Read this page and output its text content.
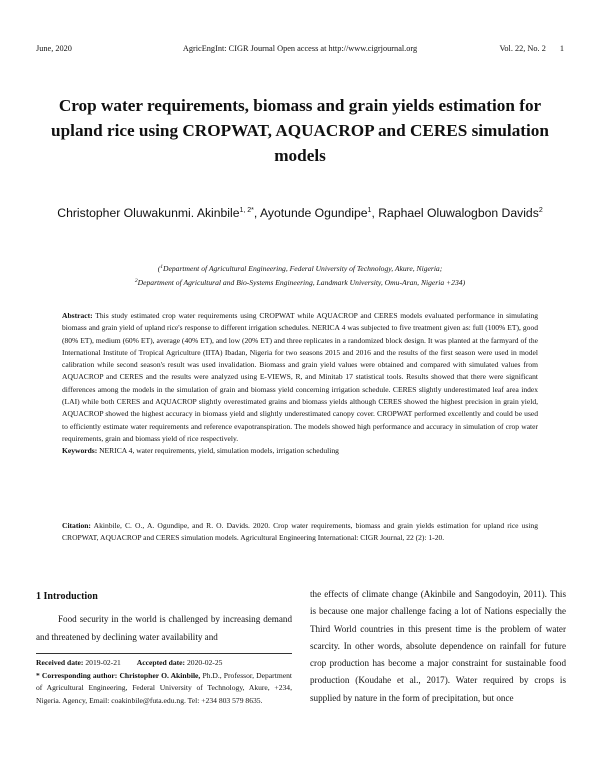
June, 2020	AgricEngInt: CIGR Journal Open access at http://www.cigrjournal.org	Vol. 22, No. 2 1
Crop water requirements, biomass and grain yields estimation for upland rice using CROPWAT, AQUACROP and CERES simulation models
Christopher Oluwakunmi. Akinbile$^{1, 2*}$, Ayotunde Ogundipe$^1$, Raphael Oluwalogbon Davids$^2$
($^1$Department of Agricultural Engineering, Federal University of Technology, Akure, Nigeria;
$^2$Department of Agricultural and Bio-Systems Engineering, Landmark University, Omu-Aran, Nigeria +234)
Abstract: This study estimated crop water requirements using CROPWAT while AQUACROP and CERES models evaluated performance in simulating biomass and grain yield of upland rice's response to different irrigation schedules. NERICA 4 was subjected to five treatment given as: full (100% ET), good (80% ET), medium (60% ET), average (40% ET), and low (20% ET) and three replicates in a randomized block design. It was planted at the farmyard of the International Institute of Tropical Agriculture (IITA) Ibadan, Nigeria for two seasons 2015 and 2016 and the results of the first season were used in model calibration while second season's result was used invalidation. Biomass and grain yield values were obtained and compared with simulated values from AQUACROP and CERES and the results were analyzed using E-VIEWS, R, and Minitab 17 statistical tools. Results showed that there were significant differences among the models in the simulation of grain and biomass yield concerning irrigation schedule. CERES slightly underestimated leaf area index (LAI) while both CERES and AQUACROP slightly overestimated grains and biomass yields although CERES showed the highest precision in grain yield, AQUACROP showed the highest accuracy in biomass yield and slightly underestimated canopy cover. CROPWAT performed excellently and could be used to efficiently estimate water requirements and reference evapotranspiration. The models showed high performance and accuracy in simulation of crop water requirements, grain and biomass yield of rice respectively.
Keywords: NERICA 4, water requirements, yield, simulation models, irrigation scheduling
Citation: Akinbile, C. O., A. Ogundipe, and R. O. Davids. 2020. Crop water requirements, biomass and grain yields estimation for upland rice using CROPWAT, AQUACROP and CERES simulation models. Agricultural Engineering International: CIGR Journal, 22 (2): 1-20.
1 Introduction
Food security in the world is challenged by increasing demand and threatened by declining water availability and
the effects of climate change (Akinbile and Sangodoyin, 2011). This is because one major challenge facing a lot of Nations especially the Third World countries in this present time is the problem of water scarcity. In other words, absolute dependence on rainfall for future crop production has become a major constraint for sustainable food production (Koudahe et al., 2017). Water required by crops is supplied by nature in the form of precipitation, but once
Received date: 2019-02-21 Accepted date: 2020-02-25
* Corresponding author: Christopher O. Akinbile, Ph.D., Professor, Department of Agricultural Engineering, Federal University of Technology, Akure, +234, Nigeria. Agency, Email: coakinbile@futa.edu.ng. Tel: +234 803 579 8635.
